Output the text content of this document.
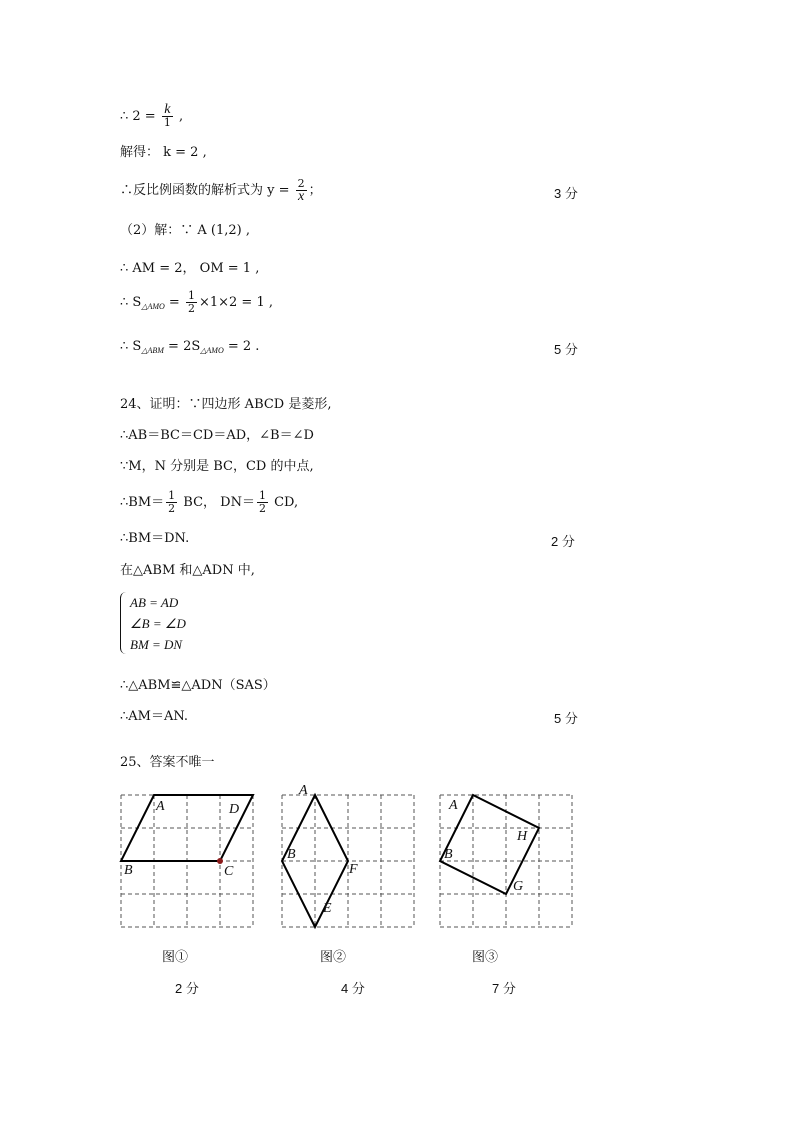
∴ $2 = \frac{k}{1}$ ,
解得： k = 2 ,
∴反比例函数的解析式为 $y = \frac{2}{x}$ ；	3 分
（2）解：∵ A (1,2) ,
∴ AM = 2， OM = 1 ,
∴ $S_{\triangle AMO} = \frac{1}{2} \times 1\times 2 = 1$ ,
∴ $S_{\triangle ABM} = 2S_{\triangle AMO} = 2$ .	5 分
24、证明：∵四边形 ABCD 是菱形,
∴AB＝BC＝CD＝AD，∠B＝∠D
∵M，N 分别是 BC，CD 的中点,
∴BM＝ $\frac{1}{2}$ BC， $DN= \frac{1}{2}$ CD,
∴BM＝DN.	2 分
在△ABM 和△ADN 中,
AB = AD
∠B = ∠D
BM = DN
∴△ABM≌△ADN（SAS）
∴AM＝AN.	5 分
25、答案不唯一
A	D
B	C
图①
2 分
A
B
F
E
图②
4 分
A
H
B
G
图③
7 分
